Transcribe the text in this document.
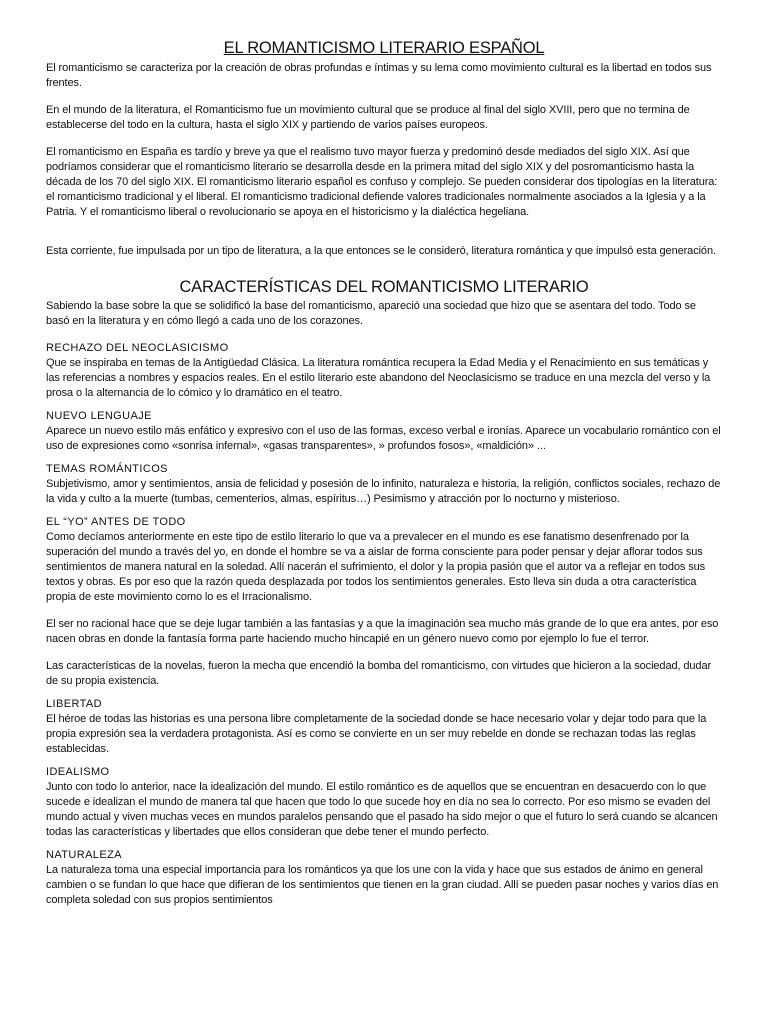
EL ROMANTICISMO LITERARIO ESPAÑOL

El romanticismo se caracteriza por la creación de obras profundas e íntimas y su lema como movimiento cultural es la libertad en todos sus frentes.

En el mundo de la literatura, el Romanticismo fue un movimiento cultural que se produce al final del siglo XVIII, pero que no termina de establecerse del todo en la cultura, hasta el siglo XIX y partiendo de varios países europeos.

El romanticismo en España es tardío y breve ya que el realismo tuvo mayor fuerza y predominó desde mediados del siglo XIX. Así que podríamos considerar que el romanticismo literario se desarrolla desde en la primera mitad del siglo XIX y del posromanticismo hasta la década de los 70 del siglo XIX. El romanticismo literario español es confuso y complejo. Se pueden considerar dos tipologías en la literatura: el romanticismo tradicional y el liberal. El romanticismo tradicional defiende valores tradicionales normalmente asociados a la Iglesia y a la Patria. Y el romanticismo liberal o revolucionario se apoya en el historicismo y la dialéctica hegeliana.

Esta corriente, fue impulsada por un tipo de literatura, a la que entonces se le consideró, literatura romántica y que impulsó esta generación.

CARACTERÍSTICAS DEL ROMANTICISMO LITERARIO

Sabiendo la base sobre la que se solidificó la base del romanticismo, apareció una sociedad que hizo que se asentara del todo. Todo se basó en la literatura y en cómo llegó a cada uno de los corazones.

RECHAZO DEL NEOCLASICISMO

Que se inspiraba en temas de la Antigüedad Clásica. La literatura romántica recupera la Edad Media y el Renacimiento en sus temáticas y las referencias a nombres y espacios reales. En el estilo literario este abandono del Neoclasicismo se traduce en una mezcla del verso y la prosa o la alternancia de lo cómico y lo dramático en el teatro.

NUEVO LENGUAJE

Aparece un nuevo estilo más enfático y expresivo con el uso de las formas, exceso verbal e ironías. Aparece un vocabulario romántico con el uso de expresiones como «sonrisa infernal», «gasas transparentes», » profundos fosos», «maldición» ...

TEMAS ROMÁNTICOS

Subjetivismo, amor y sentimientos, ansia de felicidad y posesión de lo infinito, naturaleza e historia, la religión, conflictos sociales, rechazo de la vida y culto a la muerte (tumbas, cementerios, almas, espíritus…) Pesimismo y atracción por lo nocturno y misterioso.

EL “YO” ANTES DE TODO

Como decíamos anteriormente en este tipo de estilo literario lo que va a prevalecer en el mundo es ese fanatismo desenfrenado por la superación del mundo a través del yo, en donde el hombre se va a aislar de forma consciente para poder pensar y dejar aflorar todos sus sentimientos de manera natural en la soledad. Allí nacerán el sufrimiento, el dolor y la propia pasión que el autor va a reflejar en todos sus textos y obras. Es por eso que la razón queda desplazada por todos los sentimientos generales. Esto lleva sin duda a otra característica propia de este movimiento como lo es el Irracionalismo.

El ser no racional hace que se deje lugar también a las fantasías y a que la imaginación sea mucho más grande de lo que era antes, por eso nacen obras en donde la fantasía forma parte haciendo mucho hincapié en un género nuevo como por ejemplo lo fue el terror.

Las características de la novelas, fueron la mecha que encendió la bomba del romanticismo, con virtudes que hicieron a la sociedad, dudar de su propia existencia.

LIBERTAD

El héroe de todas las historias es una persona libre completamente de la sociedad donde se hace necesario volar y dejar todo para que la propia expresión sea la verdadera protagonista. Así es como se convierte en un ser muy rebelde en donde se rechazan todas las reglas establecidas.

IDEALISMO

Junto con todo lo anterior, nace la idealización del mundo. El estilo romántico es de aquellos que se encuentran en desacuerdo con lo que sucede e idealizan el mundo de manera tal que hacen que todo lo que sucede hoy en día no sea lo correcto. Por eso mismo se evaden del mundo actual y viven muchas veces en mundos paralelos pensando que el pasado ha sido mejor o que el futuro lo será cuando se alcancen todas las características y libertades que ellos consideran que debe tener el mundo perfecto.

NATURALEZA

La naturaleza toma una especial importancia para los románticos ya que los une con la vida y hace que sus estados de ánimo en general cambien o se fundan lo que hace que difieran de los sentimientos que tienen en la gran ciudad. Allí se pueden pasar noches y varios días en completa soledad con sus propios sentimientos
